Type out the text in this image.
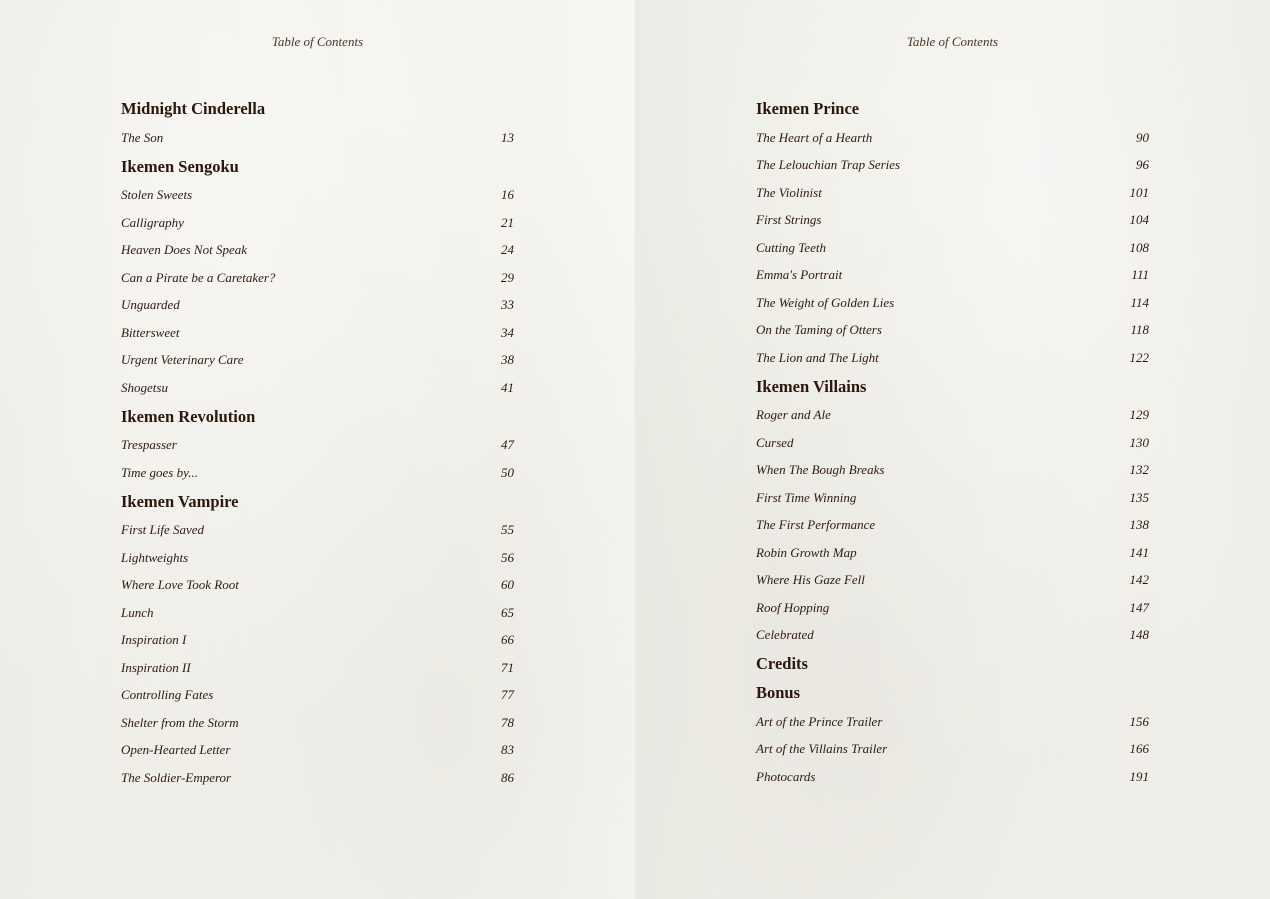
Table of Contents
Midnight Cinderella
The Son	13
Ikemen Sengoku
Stolen Sweets	16
Calligraphy	21
Heaven Does Not Speak	24
Can a Pirate be a Caretaker?	29
Unguarded	33
Bittersweet	34
Urgent Veterinary Care	38
Shogetsu	41
Ikemen Revolution
Trespasser	47
Time goes by...	50
Ikemen Vampire
First Life Saved	55
Lightweights	56
Where Love Took Root	60
Lunch	65
Inspiration I	66
Inspiration II	71
Controlling Fates	77
Shelter from the Storm	78
Open-Hearted Letter	83
The Soldier-Emperor	86
Table of Contents
Ikemen Prince
The Heart of a Hearth	90
The Lelouchian Trap Series	96
The Violinist	101
First Strings	104
Cutting Teeth	108
Emma's Portrait	111
The Weight of Golden Lies	114
On the Taming of Otters	118
The Lion and The Light	122
Ikemen Villains
Roger and Ale	129
Cursed	130
When The Bough Breaks	132
First Time Winning	135
The First Performance	138
Robin Growth Map	141
Where His Gaze Fell	142
Roof Hopping	147
Celebrated	148
Credits
Bonus
Art of the Prince Trailer	156
Art of the Villains Trailer	166
Photocards	191
